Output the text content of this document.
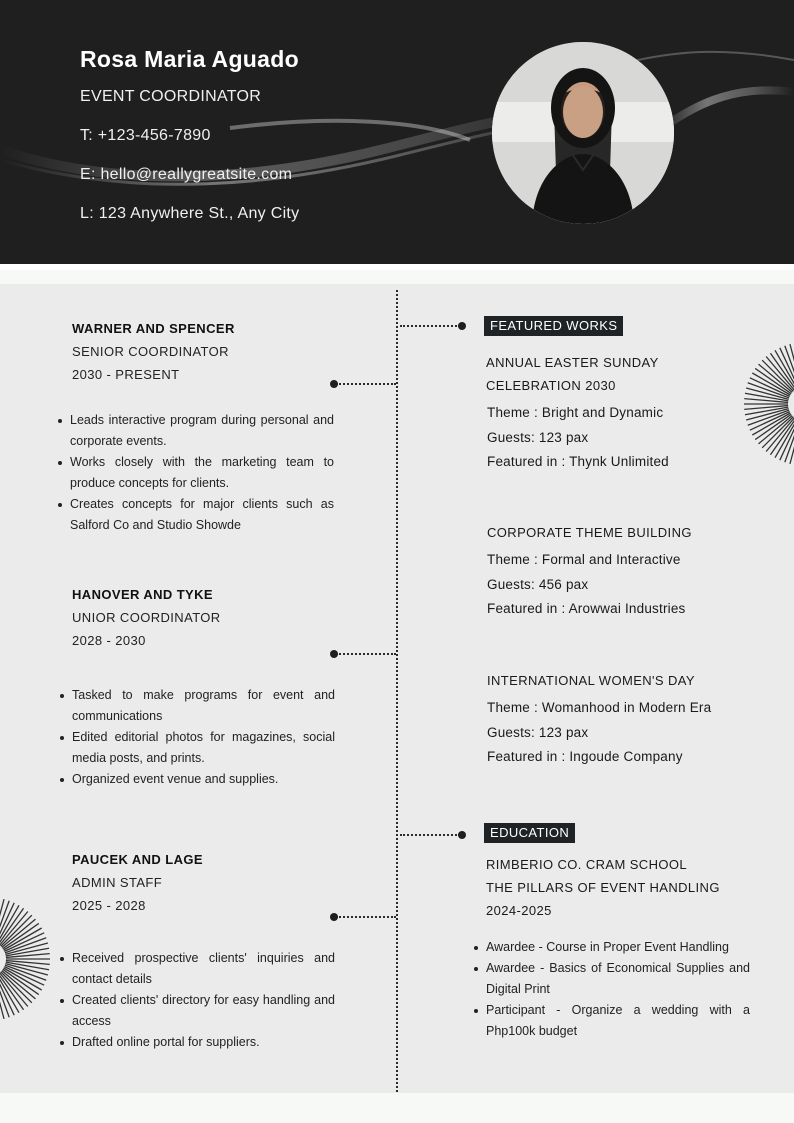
Rosa Maria Aguado
EVENT COORDINATOR
T: +123-456-7890
E: hello@reallygreatsite.com
L: 123 Anywhere St., Any City
WARNER AND SPENCER
SENIOR COORDINATOR
2030 - PRESENT
Leads interactive program during personal and corporate events.
Works closely with the marketing team to produce concepts for clients.
Creates concepts for major clients such as Salford Co and Studio Showde
HANOVER AND TYKE
UNIOR COORDINATOR
2028 - 2030
Tasked to make programs for event and communications
Edited editorial photos for magazines, social media posts, and prints.
Organized event venue and supplies.
PAUCEK AND LAGE
ADMIN STAFF
2025 - 2028
Received prospective clients' inquiries and contact details
Created clients' directory for easy handling and access
Drafted online portal for suppliers.
FEATURED WORKS
ANNUAL EASTER SUNDAY
CELEBRATION 2030
Theme : Bright and Dynamic
Guests: 123 pax
Featured in : Thynk Unlimited
CORPORATE THEME BUILDING
Theme : Formal and Interactive
Guests: 456 pax
Featured in : Arowwai Industries
INTERNATIONAL WOMEN'S DAY
Theme : Womanhood in Modern Era
Guests: 123 pax
Featured in : Ingoude Company
EDUCATION
RIMBERIO CO. CRAM SCHOOL
THE PILLARS OF EVENT HANDLING
2024-2025
Awardee - Course in Proper Event Handling
Awardee - Basics of Economical Supplies and Digital Print
Participant - Organize a wedding with a Php100k budget
